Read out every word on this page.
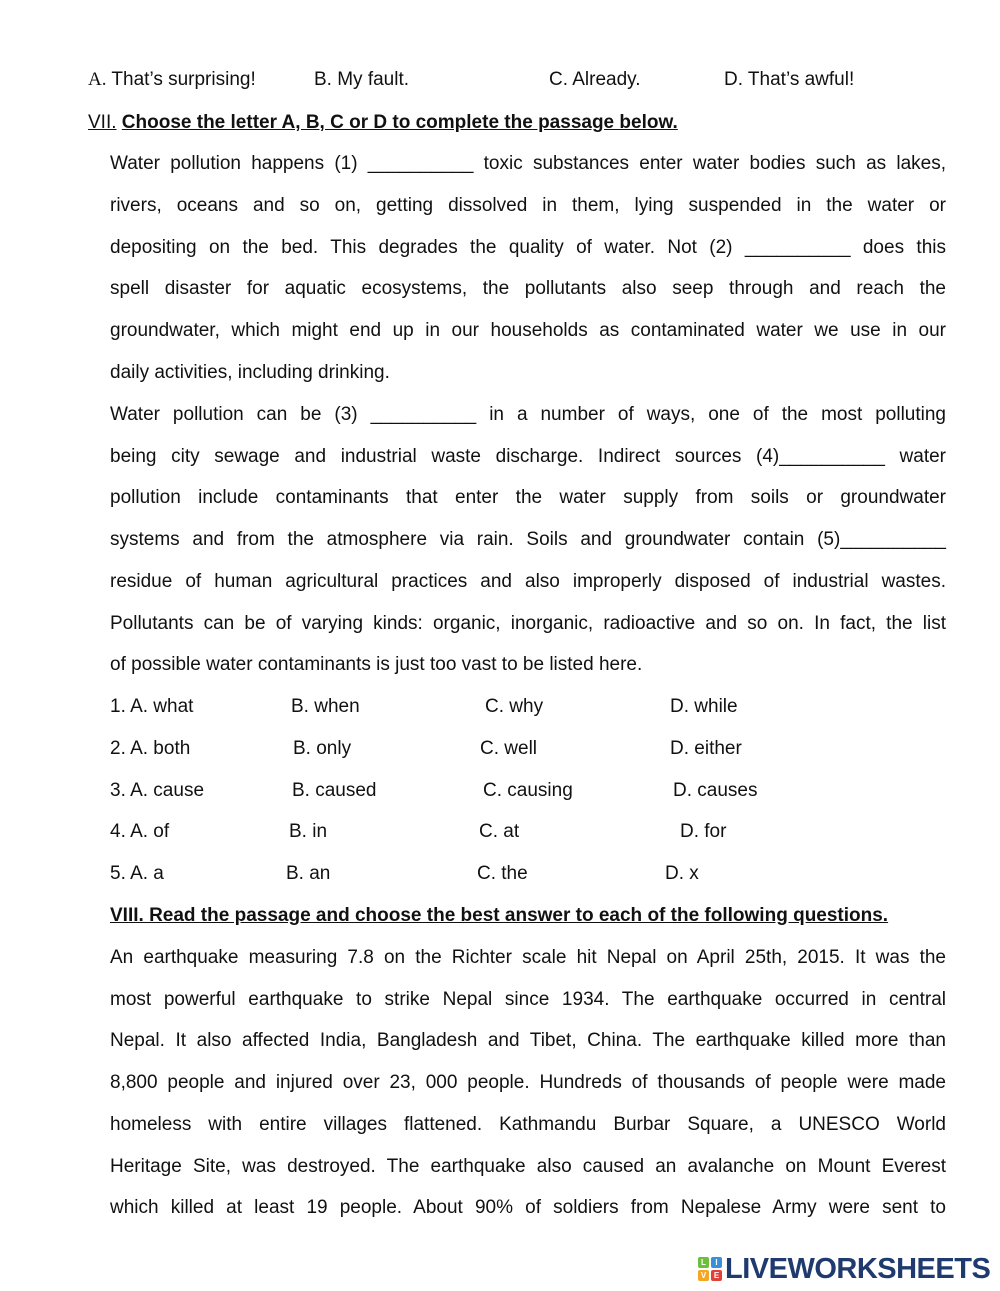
A. That’s surprising!	B. My fault.	C. Already.	D. That’s awful!
VII. Choose the letter A, B, C or D to complete the passage below.
Water pollution happens (1) __________ toxic substances enter water bodies such as lakes,
rivers, oceans and so on, getting dissolved in them, lying suspended in the water or
depositing on the bed. This degrades the quality of water. Not (2) __________ does this
spell disaster for aquatic ecosystems, the pollutants also seep through and reach the
groundwater, which might end up in our households as contaminated water we use in our
daily activities, including drinking.
Water pollution can be (3) __________ in a number of ways, one of the most polluting
being city sewage and industrial waste discharge. Indirect sources (4)__________ water
pollution include contaminants that enter the water supply from soils or groundwater
systems and from the atmosphere via rain. Soils and groundwater contain (5)__________
residue of human agricultural practices and also improperly disposed of industrial wastes.
Pollutants can be of varying kinds: organic, inorganic, radioactive and so on. In fact, the list
of possible water contaminants is just too vast to be listed here.
1. A. what	B. when	C. why	D. while
2. A. both	B. only	C. well	D. either
3. A. cause	B. caused	C. causing	D. causes
4. A. of	B. in	C. at	D. for
5. A. a	B. an	C. the	D. x
VIII. Read the passage and choose the best answer to each of the following questions.
An earthquake measuring 7.8 on the Richter scale hit Nepal on April 25th, 2015. It was the
most powerful earthquake to strike Nepal since 1934. The earthquake occurred in central
Nepal. It also affected India, Bangladesh and Tibet, China. The earthquake killed more than
8,800 people and injured over 23, 000 people. Hundreds of thousands of people were made
homeless with entire villages flattened. Kathmandu Burbar Square, a UNESCO World
Heritage Site, was destroyed. The earthquake also caused an avalanche on Mount Everest
which killed at least 19 people. About 90% of soldiers from Nepalese Army were sent to
L	I
V E LIVEWORKSHEETS
